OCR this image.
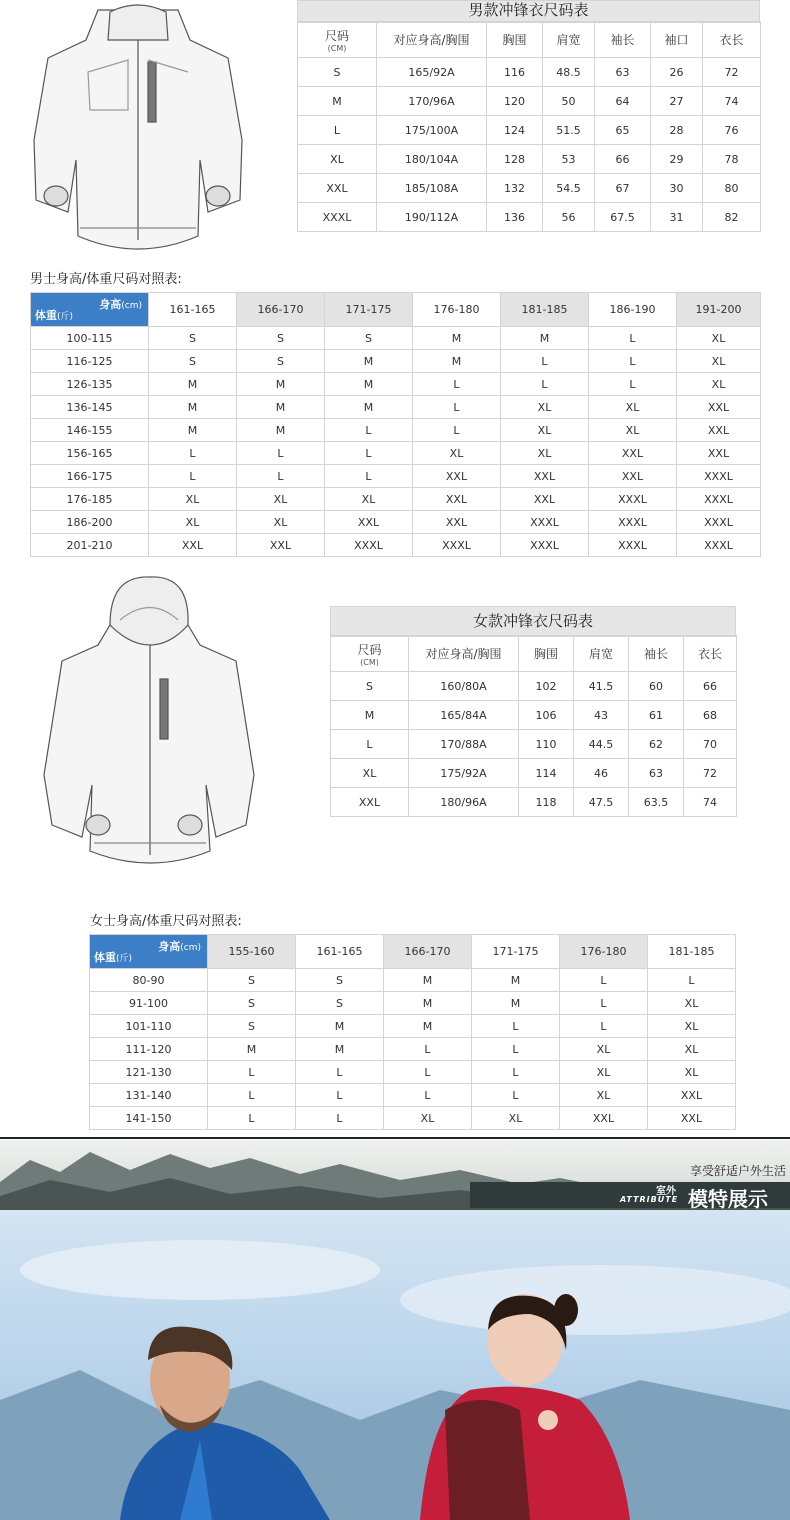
男款冲锋衣尺码表
尺码
(CM)	对应身高/胸围	胸围	肩宽	袖长	袖口	衣长
S	165/92A	116	48.5	63	26	72
M	170/96A	120	50	64	27	74
L	175/100A	124	51.5	65	28	76
XL	180/104A	128	53	66	29	78
XXL	185/108A	132	54.5	67	30	80
XXXL	190/112A	136	56	67.5	31	82
男士身高/体重尺码对照表:
身高(cm)
体重(斤)	161-165	166-170	171-175	176-180	181-185	186-190	191-200
100-115	S	S	S	M	M	L	XL
116-125	S	S	M	M	L	L	XL
126-135	M	M	M	L	L	L	XL
136-145	M	M	M	L	XL	XL	XXL
146-155	M	M	L	L	XL	XL	XXL
156-165	L	L	L	XL	XL	XXL	XXL
166-175	L	L	L	XXL	XXL	XXL	XXXL
176-185	XL	XL	XL	XXL	XXL	XXXL	XXXL
186-200	XL	XL	XXL	XXL	XXXL	XXXL	XXXL
201-210	XXL	XXL	XXXL	XXXL	XXXL	XXXL	XXXL
女款冲锋衣尺码表
尺码
(CM)	对应身高/胸围	胸围	肩宽	袖长	衣长
S	160/80A	102	41.5	60	66
M	165/84A	106	43	61	68
L	170/88A	110	44.5	62	70
XL	175/92A	114	46	63	72
XXL	180/96A	118	47.5	63.5	74
女士身高/体重尺码对照表:
身高(cm)
体重(斤)	155-160	161-165	166-170	171-175	176-180	181-185
80-90	S	S	M	M	L	L
91-100	S	S	M	M	L	XL
101-110	S	M	M	L	L	XL
111-120	M	M	L	L	XL	XL
121-130	L	L	L	L	XL	XL
131-140	L	L	L	L	XL	XXL
141-150	L	L	XL	XL	XXL	XXL
享受舒适户外生活
室外
ATTRIBUTE 模特展示
